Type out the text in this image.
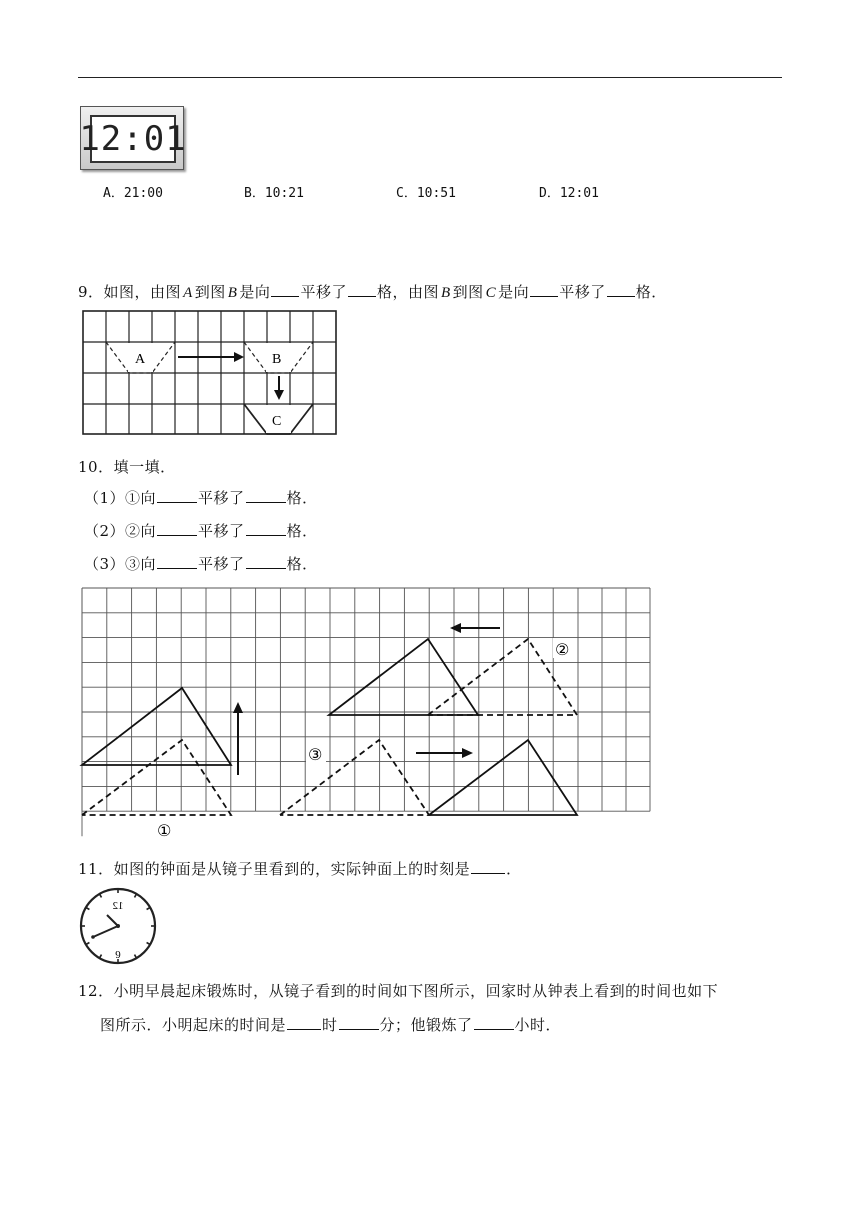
12:01
A．21:00	B．10:21	C．10:51	D．12:01
9．如图，由图 A 到图 B 是向 平移了 格，由图 B 到图 C 是向 平移了 格．
A	B
C
10．填一填．
（1）①向	平移了	格．
（2）②向	平移了	格．
（3）③向	平移了	格．
①
②
③
11．如图的钟面是从镜子里看到的，实际钟面上的时刻是 ．
12
6
12．小明早晨起床锻炼时，从镜子看到的时间如下图所示，回家时从钟表上看到的时间也如下
图所示．小明起床的时间是 时	分；他锻炼了	小时．
